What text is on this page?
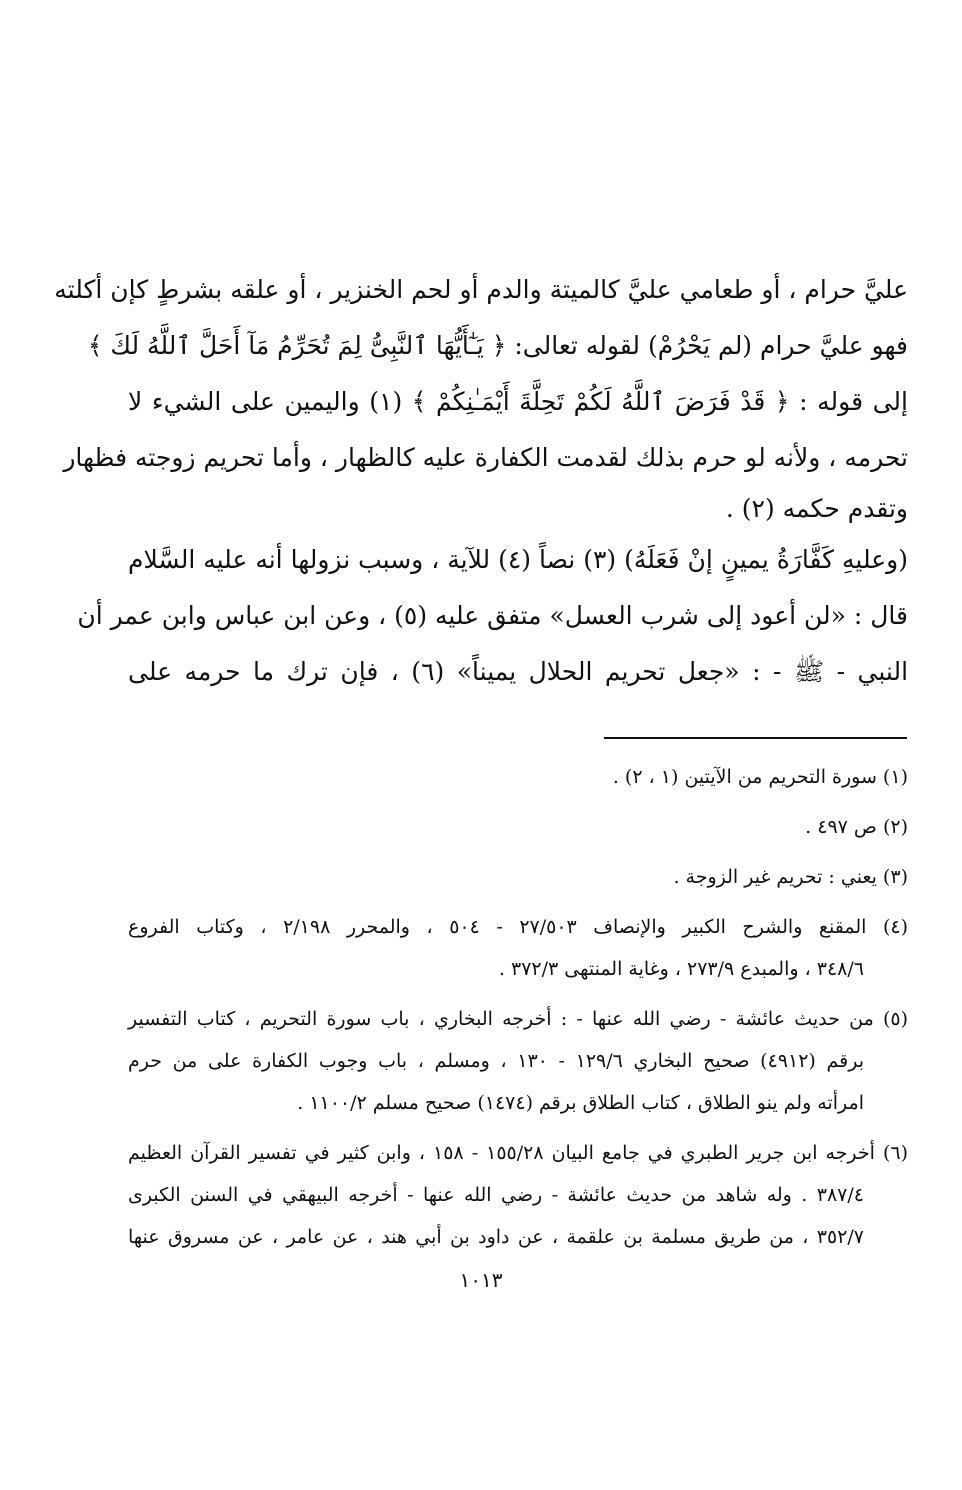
عليَّ حرام ، أو طعامي عليَّ كالميتة والدم أو لحم الخنزير ، أو علقه بشرطٍ كإن أكلته
فهو عليَّ حرام (لم يَحْرُمْ) لقوله تعالى: ﴿ يَـٰٓأَيُّهَا ٱلنَّبِىُّ لِمَ تُحَرِّمُ مَآ أَحَلَّ ٱللَّهُ لَكَ ﴾
إلى قوله : ﴿ قَدْ فَرَضَ ٱللَّهُ لَكُمْ تَحِلَّةَ أَيْمَـٰنِكُمْ ﴾ (١) واليمين على الشيء لا
تحرمه ، ولأنه لو حرم بذلك لقدمت الكفارة عليه كالظهار ، وأما تحريم زوجته فظهار
وتقدم حكمه (٢) .
(وعليهِ كَفَّارَةُ يمينٍ إنْ فَعَلَهُ) (٣) نصاً (٤) للآية ، وسبب نزولها أنه عليه السَّلام
قال : «لن أعود إلى شرب العسل» متفق عليه (٥) ، وعن ابن عباس وابن عمر أن
النبي - ﷺ - : «جعل تحريم الحلال يميناً» (٦) ، فإن ترك ما حرمه على
(١) سورة التحريم من الآيتين (١ ، ٢) .
(٢) ص ٤٩٧ .
(٣) يعني : تحريم غير الزوجة .
(٤) المقنع والشرح الكبير والإنصاف ٢٧/٥٠٣ - ٥٠٤ ، والمحرر ٢/١٩٨ ، وكتاب الفروع
٣٤٨/٦ ، والمبدع ٢٧٣/٩ ، وغاية المنتهى ٣٧٢/٣ .
(٥) من حديث عائشة - رضي الله عنها - : أخرجه البخاري ، باب سورة التحريم ، كتاب التفسير
برقم (٤٩١٢) صحيح البخاري ١٢٩/٦ - ١٣٠ ، ومسلم ، باب وجوب الكفارة على من حرم
امرأته ولم ينو الطلاق ، كتاب الطلاق برقم (١٤٧٤) صحيح مسلم ١١٠٠/٢ .
(٦) أخرجه ابن جرير الطبري في جامع البيان ١٥٥/٢٨ - ١٥٨ ، وابن كثير في تفسير القرآن العظيم
٣٨٧/٤ . وله شاهد من حديث عائشة - رضي الله عنها - أخرجه البيهقي في السنن الكبرى
٣٥٢/٧ ، من طريق مسلمة بن علقمة ، عن داود بن أبي هند ، عن عامر ، عن مسروق عنها
١٠١٣
